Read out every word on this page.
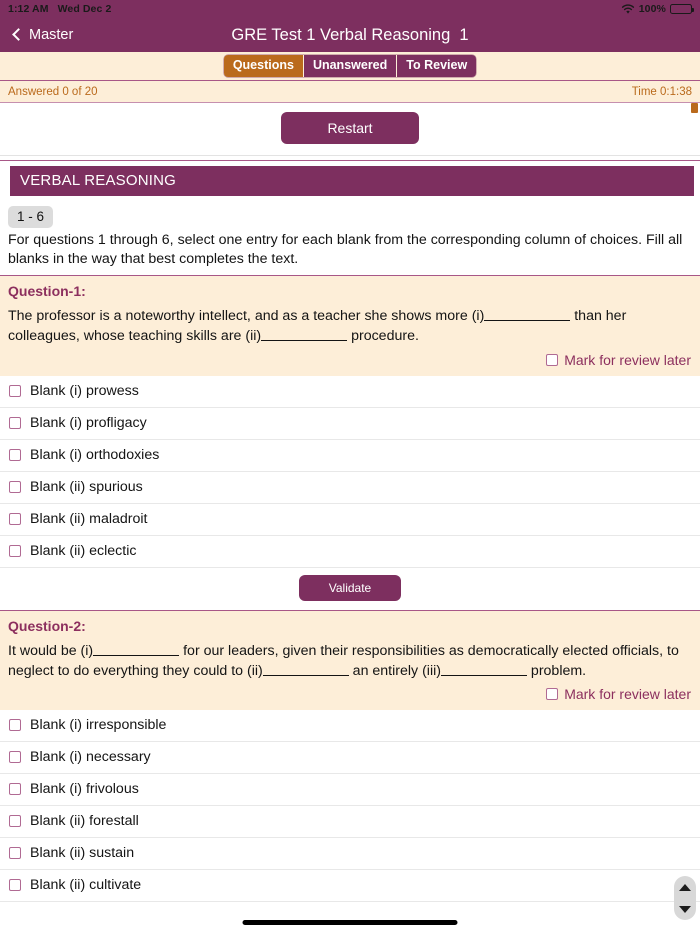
1:12 AM Wed Dec 2	100%
Master	GRE Test 1 Verbal Reasoning  1
Questions	Unanswered	To Review
Answered 0 of 20	Time 0:1:38
Restart
VERBAL REASONING
1 - 6
For questions 1 through 6, select one entry for each blank from the corresponding column of choices. Fill all blanks in the way that best completes the text.
Question-1:
The professor is a noteworthy intellect, and as a teacher she shows more (i)	than her colleagues, whose teaching skills are (ii)	procedure.
Mark for review later
Blank (i) prowess
Blank (i) profligacy
Blank (i) orthodoxies
Blank (ii) spurious
Blank (ii) maladroit
Blank (ii) eclectic
Validate
Question-2:
It would be (i)	for our leaders, given their responsibilities as democratically elected officials, to neglect to do everything they could to (ii)	an entirely (iii)	problem.
Mark for review later
Blank (i) irresponsible
Blank (i) necessary
Blank (i) frivolous
Blank (ii) forestall
Blank (ii) sustain
Blank (ii) cultivate
